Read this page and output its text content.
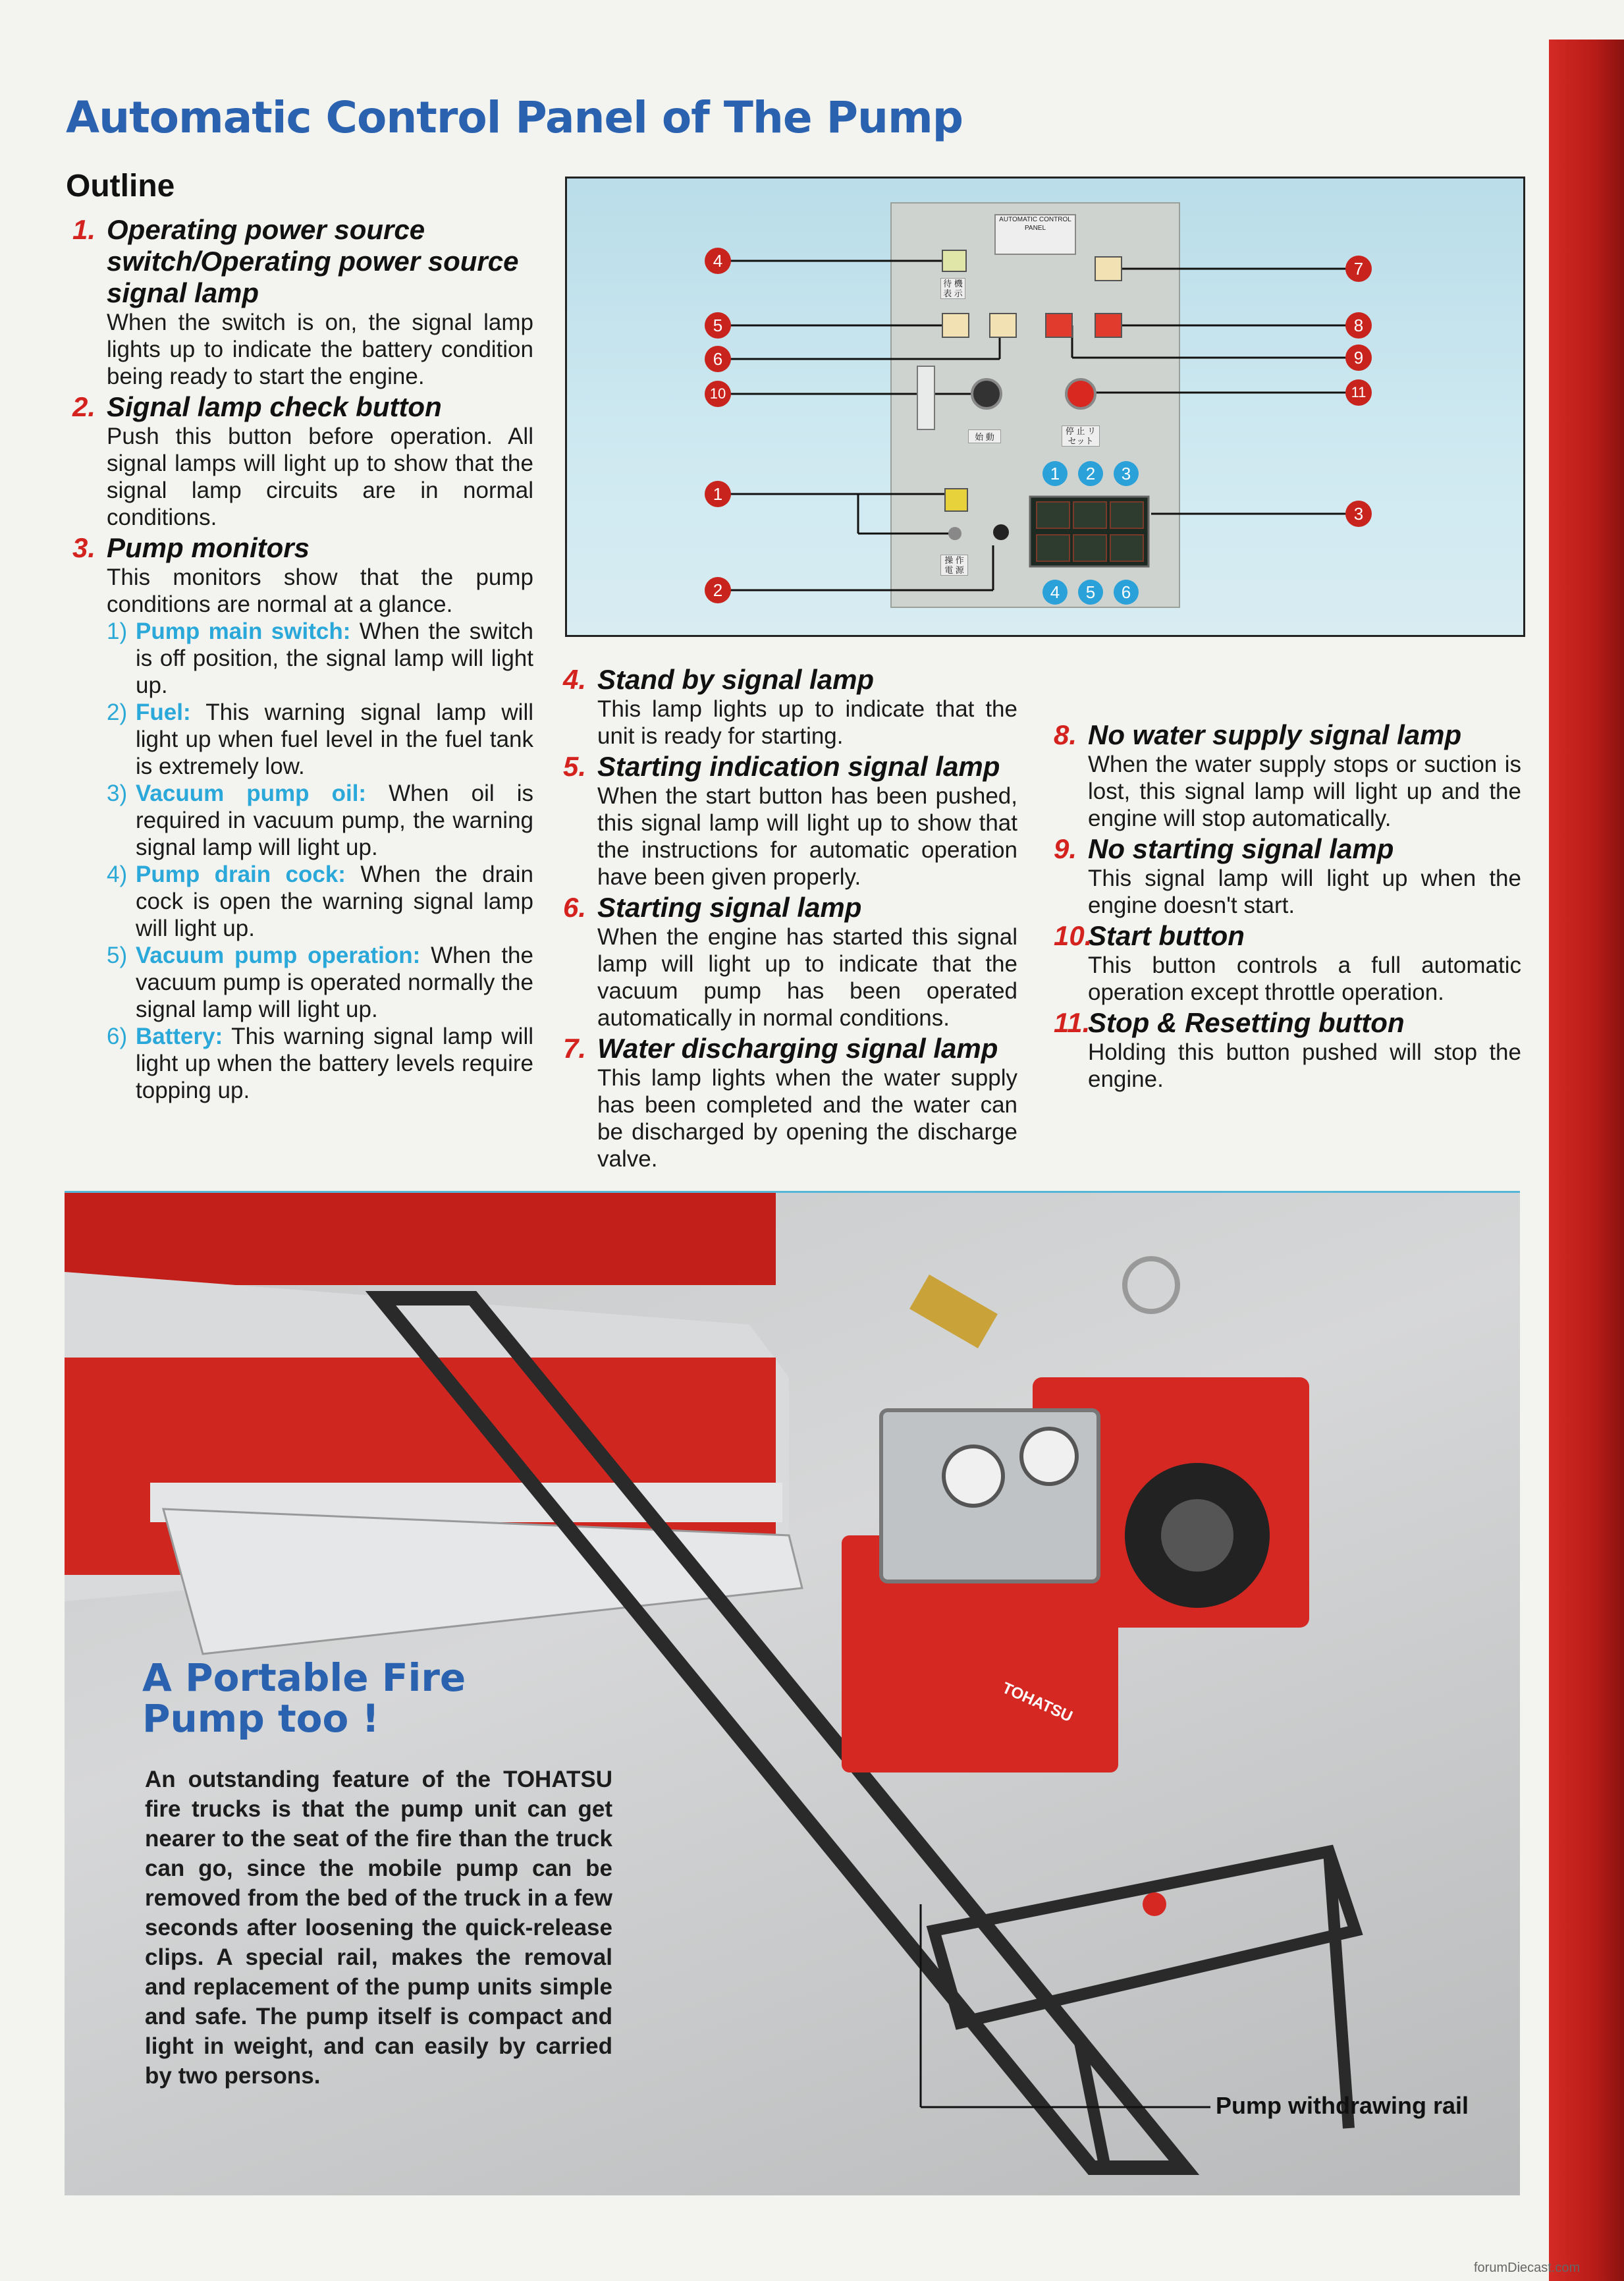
Automatic Control Panel of The Pump
Outline
1. Operating power source switch/Operating power source signal lamp

When the switch is on, the signal lamp lights up to indicate the battery condition being ready to start the engine.

2. Signal lamp check button

Push this button before operation. All signal lamps will light up to show that the signal lamp circuits are in normal conditions.

3. Pump monitors

This monitors show that the pump conditions are normal at a glance.

1) Pump main switch: When the switch is off position, the signal lamp will light up.
2) Fuel: This warning signal lamp will light up when fuel level in the fuel tank is extremely low.
3) Vacuum pump oil: When oil is required in vacuum pump, the warning signal lamp will light up.
4) Pump drain cock: When the drain cock is open the warning signal lamp will light up.
5) Vacuum pump operation: When the vacuum pump is operated normally the signal lamp will light up.
6) Battery: This warning signal lamp will light up when the battery levels require topping up.
4. Stand by signal lamp

This lamp lights up to indicate that the unit is ready for starting.

5. Starting indication signal lamp

When the start button has been pushed, this signal lamp will light up to show that the instructions for automatic operation have been given properly.

6. Starting signal lamp

When the engine has started this signal lamp will light up to indicate that the vacuum pump has been operated automatically in normal conditions.

7. Water discharging signal lamp

This lamp lights when the water supply has been completed and the water can be discharged by opening the discharge valve.

8. No water supply signal lamp

When the water supply stops or suction is lost, this signal lamp will light up and the engine will stop automatically.

9. No starting signal lamp

This signal lamp will light up when the engine doesn't start.

10.
Start button

This button controls a full automatic operation except throttle operation.

11.
Stop & Resetting button

Holding this button pushed will stop the engine.

AUTOMATIC CONTROL PANEL
4
5
6
10
1
2
7
8
9
11
3
1	2	3
4	5	6
待 機 表 示
始 動
停 止 リセット
操 作 電 源
A Portable Fire Pump too !
An outstanding feature of the TOHATSU fire trucks is that the pump unit can get nearer to the seat of the fire than the truck can go, since the mobile pump can be removed from the bed of the truck in a few seconds after loosening the quick-release clips. A special rail, makes the removal and replacement of the pump units simple and safe. The pump itself is compact and light in weight, and can easily by carried by two persons.
Pump withdrawing rail
TOHATSU
forumDiecast.com
